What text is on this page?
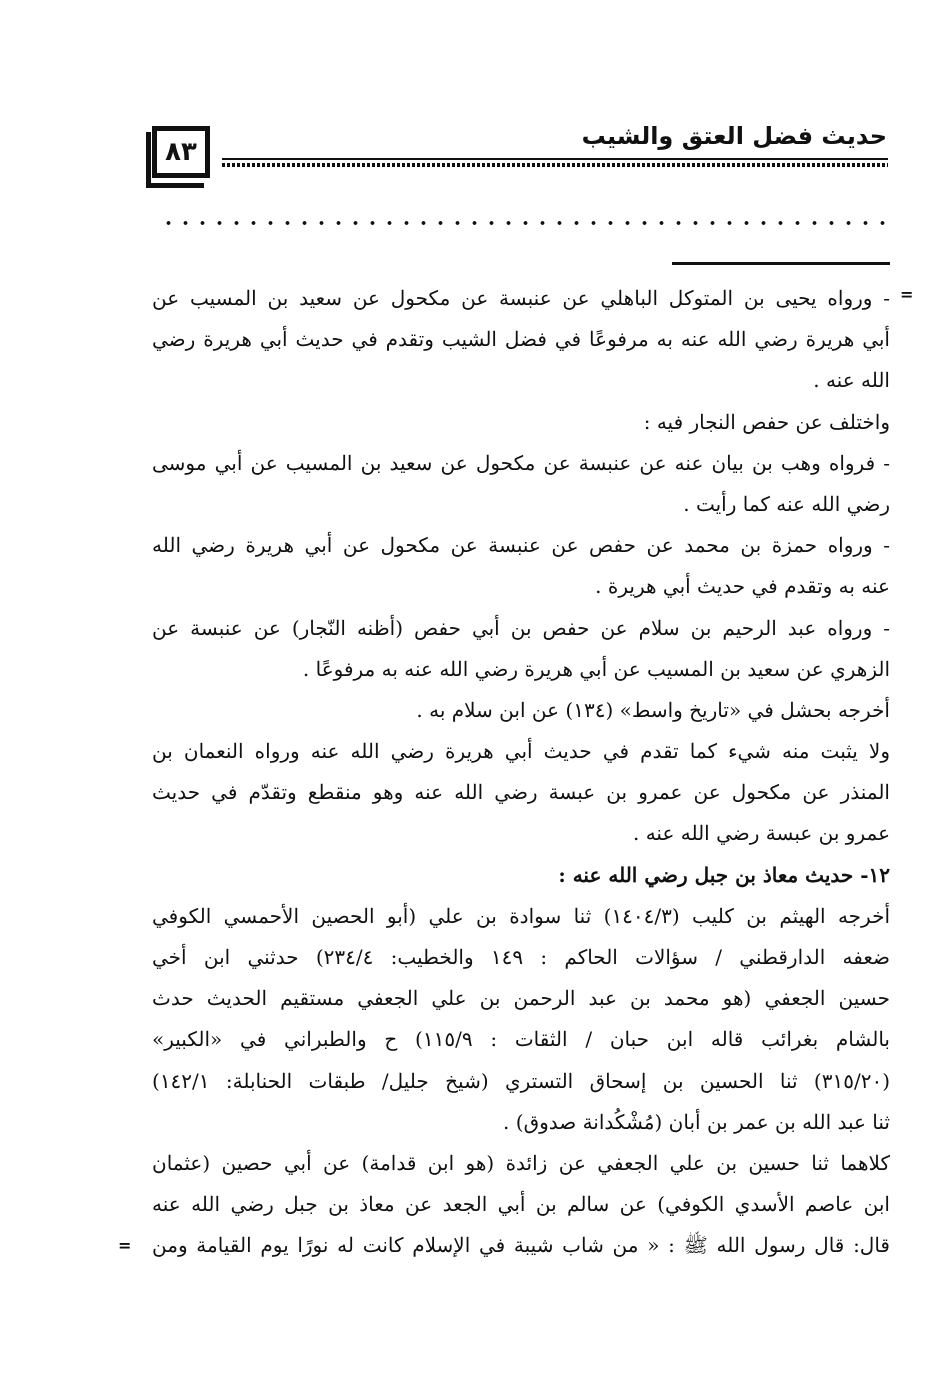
حديث فضل العتق والشيب
٨٣
=
=
- ورواه يحيى بن المتوكل الباهلي عن عنبسة عن مكحول عن سعيد بن المسيب عن
أبي هريرة رضي الله عنه به مرفوعًا في فضل الشيب وتقدم في حديث أبي هريرة رضي
الله عنه .
واختلف عن حفص النجار فيه :
- فرواه وهب بن بيان عنه عن عنبسة عن مكحول عن سعيد بن المسيب عن أبي موسى
رضي الله عنه كما رأيت .
- ورواه حمزة بن محمد عن حفص عن عنبسة عن مكحول عن أبي هريرة رضي الله
عنه به وتقدم في حديث أبي هريرة .
- ورواه عبد الرحيم بن سلام عن حفص بن أبي حفص (أظنه النّجار) عن عنبسة عن
الزهري عن سعيد بن المسيب عن أبي هريرة رضي الله عنه به مرفوعًا .
أخرجه بحشل في «تاريخ واسط» (١٣٤) عن ابن سلام به .
ولا يثبت منه شيء كما تقدم في حديث أبي هريرة رضي الله عنه ورواه النعمان بن
المنذر عن مكحول عن عمرو بن عبسة رضي الله عنه وهو منقطع وتقدّم في حديث
عمرو بن عبسة رضي الله عنه .
١٢- حديث معاذ بن جبل رضي الله عنه :
أخرجه الهيثم بن كليب (١٤٠٤/٣) ثنا سوادة بن علي (أبو الحصين الأحمسي الكوفي
ضعفه الدارقطني / سؤالات الحاكم : ١٤٩ والخطيب: ٢٣٤/٤) حدثني ابن أخي
حسين الجعفي (هو محمد بن عبد الرحمن بن علي الجعفي مستقيم الحديث حدث
بالشام بغرائب قاله ابن حبان / الثقات : ١١٥/٩) ح والطبراني في «الكبير»
(٣١٥/٢٠) ثنا الحسين بن إسحاق التستري (شيخ جليل/ طبقات الحنابلة: ١٤٢/١)
ثنا عبد الله بن عمر بن أبان (مُشْكُدانة صدوق) .
كلاهما ثنا حسين بن علي الجعفي عن زائدة (هو ابن قدامة) عن أبي حصين (عثمان
ابن عاصم الأسدي الكوفي) عن سالم بن أبي الجعد عن معاذ بن جبل رضي الله عنه
قال: قال رسول الله ﷺ : « من شاب شيبة في الإسلام كانت له نورًا يوم القيامة ومن
